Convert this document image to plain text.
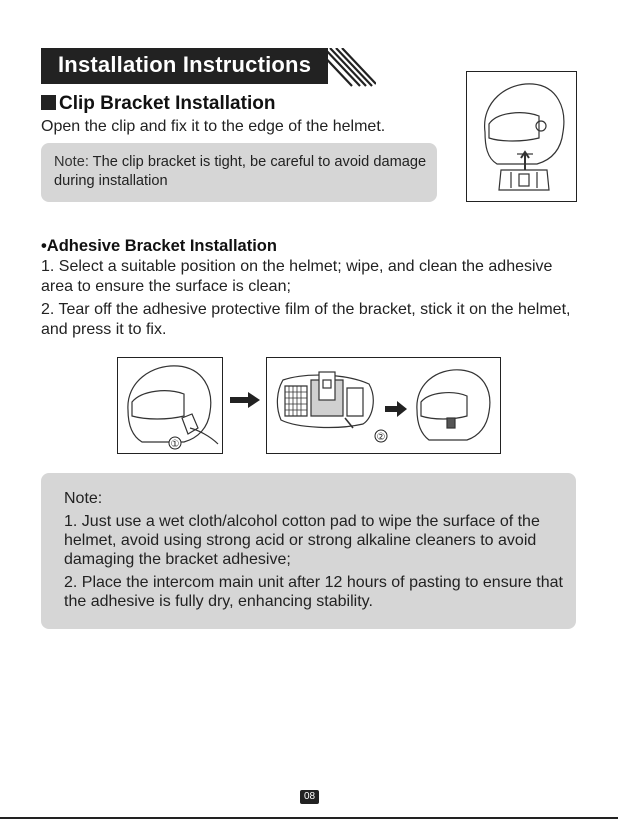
Installation Instructions
Clip Bracket Installation
Open the clip and fix it to the edge of the helmet.
Note: The clip bracket is tight, be careful to avoid damage during installation
•Adhesive Bracket Installation
1. Select a suitable position on the helmet; wipe, and clean the adhesive area to ensure the surface is clean;
2. Tear off the adhesive protective film of the bracket, stick it on the helmet, and press it to fix.
①
②

Note:

1. Just use a wet cloth/alcohol cotton pad to wipe the surface of the helmet, avoid using strong acid or strong alkaline cleaners to avoid damaging the bracket adhesive;

2. Place the intercom main unit after 12 hours of pasting to ensure that the adhesive is fully dry, enhancing stability.

08
